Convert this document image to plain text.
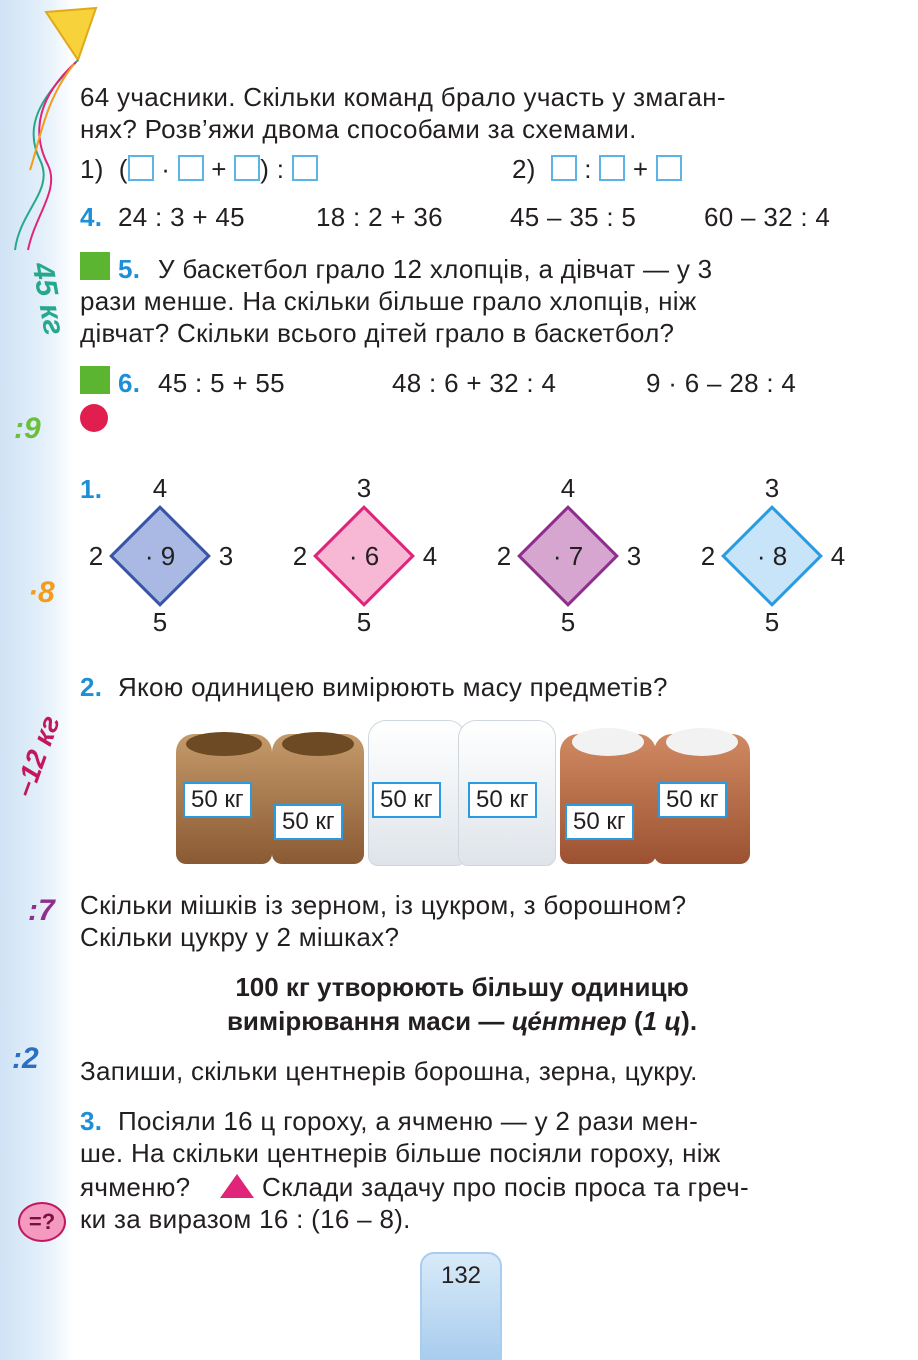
45 кг
:9
·8
–12 кг
:7
:2
=?
64 учасники. Скільки команд брало участь у змаган-
нях? Розв’яжи двома способами за схемами.
1)  ( ·  + ) :	2)   :  +
4. 24 : 3 + 45	18 : 2 + 36	45 – 35 : 5	60 – 32 : 4
5. У баскетбол грало 12 хлопців, а дівчат — у 3
рази менше. На скільки більше грало хлопців, ніж
дівчат? Скільки всього дітей грало в баскетбол?
6. 45 : 5 + 55	48 : 6 + 32 : 4	9 · 6 – 28 : 4
1.
· 9
4
5
2	3	· 6
3
5
2	4	· 7
4
5
2	3	· 8
3
5
2	4
2. Якою одиницею вимірюють масу предметів?
50 кг
50 кг
50 кг	50 кг
50 кг
50 кг
Скільки мішків із зерном, із цукром, з борошном?
Скільки цукру у 2 мішках?
100 кг утворюють більшу одиницю
вимірювання маси — це́нтнер (1 ц).
Запиши, скільки центнерів борошна, зерна, цукру.
3. Посіяли 16 ц гороху, а ячменю — у 2 рази мен-
ше. На скільки центнерів більше посіяли гороху, ніж
ячменю?	Склади задачу про посів проса та греч-
ки за виразом 16 : (16 – 8).
132
